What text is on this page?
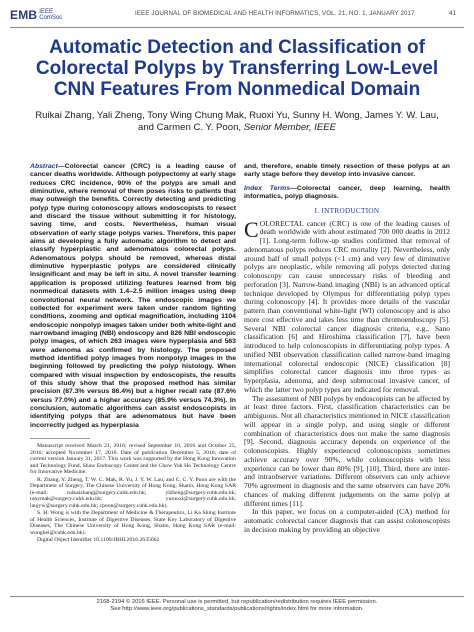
EMB IEEE
ComSoc
IEEE JOURNAL OF BIOMEDICAL AND HEALTH INFORMATICS, VOL. 21, NO. 1, JANUARY 2017	41
Automatic Detection and Classification of Colorectal Polyps by Transferring Low-Level CNN Features From Nonmedical Domain
Ruikai Zhang, Yali Zheng, Tony Wing Chung Mak, Ruoxi Yu, Sunny H. Wong, James Y. W. Lau,
and Carmen C. Y. Poon, Senior Member, IEEE

Abstract—Colorectal cancer (CRC) is a leading cause of cancer deaths worldwide. Although polypectomy at early stage reduces CRC incidence, 90% of the polyps are small and diminutive, where removal of them poses risks to patients that may outweigh the benefits. Correctly detecting and predicting polyp type during colonoscopy allows endoscopists to resect and discard the tissue without submitting it for histology, saving time, and costs. Nevertheless, human visual observation of early stage polyps varies. Therefore, this paper aims at developing a fully automatic algorithm to detect and classify hyperplastic and adenomatous colorectal polyps. Adenomatous polyps should be removed, whereas distal diminutive hyperplastic polyps are considered clinically insignificant and may be left in situ. A novel transfer learning application is proposed utilizing features learned from big nonmedical datasets with 1.4–2.5 million images using deep convolutional neural network. The endoscopic images we collected for experiment were taken under random lighting conditions, zooming and optical magnification, including 1104 endoscopic nonpolyp images taken under both white-light and narrowband imaging (NBI) endoscopy and 826 NBI endoscopic polyp images, of which 263 images were hyperplasia and 563 were adenoma as confirmed by histology. The proposed method identified polyp images from nonpolyp images in the beginning followed by predicting the polyp histology. When compared with visual inspection by endoscopists, the results of this study show that the proposed method has similar precision (87.3% versus 86.4%) but a higher recall rate (87.6% versus 77.0%) and a higher accuracy (85.9% versus 74.3%). In conclusion, automatic algorithms can assist endoscopists in identifying polyps that are adenomatous but have been incorrectly judged as hyperplasia

Manuscript received March 21, 2016; revised September 10, 2016 and October 25, 2016; accepted November 17, 2016. Date of publication December 5, 2016; date of current version January 31, 2017. This work was supported by the Hong Kong Innovation and Technology Fund, Shaw Endoscopy Center and the Chow Yuk Ho Technology Centre for Innovative Medicine.

R. Zhang, Y. Zheng, T. W. C. Mak, R. Yu, J. Y. W. Lau, and C. C. Y. Poon are with the Department of Surgery, The Chinese University of Hong Kong, Shatin, Hong Kong SAR (e-mail: ruikaizhang@surgery.cuhk.edu.hk; ylzheng@surgery.cuhk.edu.hk; tonymak@surgery.cuhk.edu.hk; yuruoxi@surgery.cuhk.edu.hk; laujyw@surgery.cuhk.edu.hk; cpoon@surgery.cuhk.edu.hk).

S. H. Wong is with the Department of Medicine & Therapeutics, Li Ka Shing Institute of Health Sciences, Institute of Digestive Diseases, State Key Laboratory of Digestive Diseases, The Chinese University of Hong Kong, Shatin, Hong Kong SAR (e-mail: wonghei@cuhk.edu.hk).

Digital Object Identifier 10.1109/JBHI.2016.2635662

and, therefore, enable timely resection of these polyps at an early stage before they develop into invasive cancer.

Index Terms—Colorectal cancer, deep learning, health informatics, polyp diagnosis.

I. INTRODUCTION

COLORECTAL cancer (CRC) is one of the leading causes of death worldwide with about estimated 700 000 deaths in 2012 [1]. Long-term follow-up studies confirmed that removal of adenomatous polyps reduces CRC mortality [2]. Nevertheless, only around half of small polyps (<1 cm) and very few of diminutive polyps are neoplastic, while removing all polyps detected during colonoscopy can cause unnecessary risks of bleeding and perforation [3]. Narrow-band imaging (NBI) is an advanced optical technique developed by Olympus for differentiating polyp types during colonoscopy [4]. It provides more details of the vascular pattern than conventional white-light (WI) colonoscopy and is also more cost effective and takes less time than chromoendoscopy [5]. Several NBI colorectal cancer diagnosis criteria, e.g., Sano classification [6] and Hiroshima classification [7], have been introduced to help colonoscopists in differentiating polyp types. A unified NBI observation classification called narrow-band imaging international colorectal endoscopic (NICE) classification [8] simplifies colorectal cancer diagnosis into three types as hyperplasia, adenoma, and deep submucosal invasive cancer, of which the latter two polyp types are indicated for removal.

The assessment of NBI polyps by endoscopists can be affected by at least three factors. First, classification characteristics can be ambiguous. Not all characteristics mentioned in NICE classification will appear in a single polyp, and using single or different combination of characteristics does not make the same diagnosis [9]. Second, diagnosis accuracy depends on experience of the colonoscopists. Highly experienced colonoscopists sometimes achieve accuracy over 90%, while colonoscopists with less experience can be lower than 80% [9], [10]. Third, there are inter- and intraobserver variations. Different observers can only achieve 70% agreement in diagnosis and the same observers can have 20% chances of making different judgements on the same polyp at different times [11].

In this paper, we focus on a computer-aided (CA) method for automatic colorectal cancer diagnosis that can assist colonoscopists in decision making by providing an objective

2168-2194 © 2016 IEEE. Personal use is permitted, but republication/redistribution requires IEEE permission.
See http://www.ieee.org/publications_standards/publications/rights/index.html for more information.
